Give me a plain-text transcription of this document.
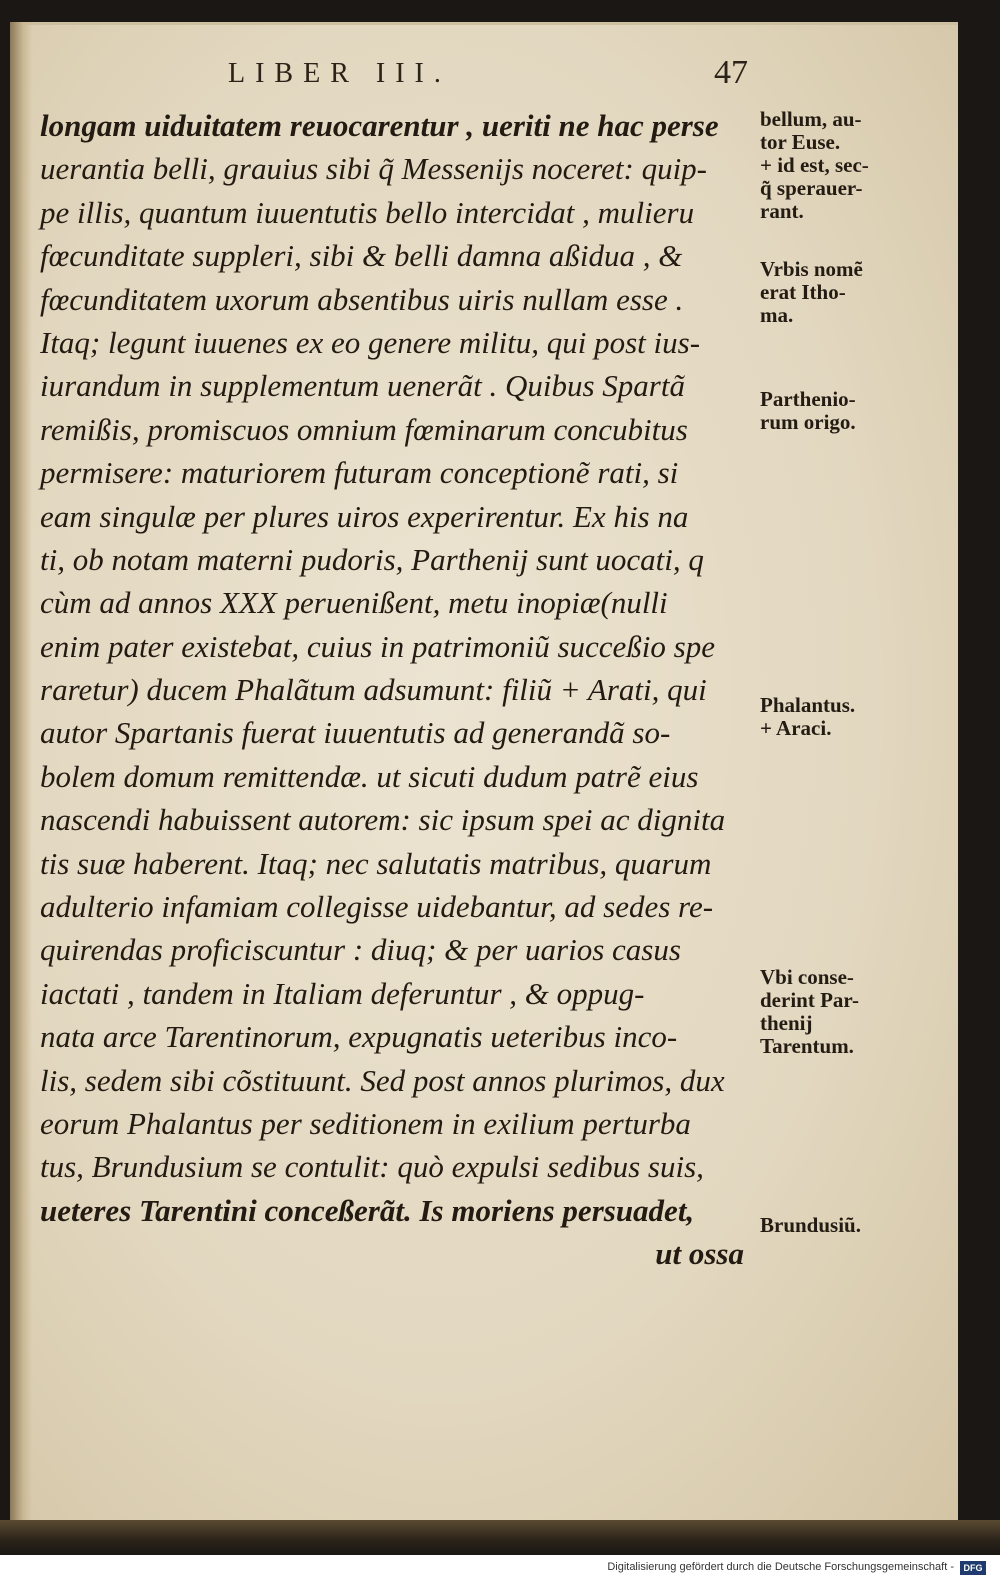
LIBER III.	47
longam uiduitatem reuocarentur , ueriti ne hac perse
uerantia belli, grauius sibi q̃ Messenijs noceret: quip-
pe illis, quantum iuuentutis bello intercidat , mulieru
fœcunditate suppleri, sibi & belli damna aßidua , &
fœcunditatem uxorum absentibus uiris nullam esse .
Itaq; legunt iuuenes ex eo genere militu, qui post ius-
iurandum in supplementum uenerãt . Quibus Spartã
remißis, promiscuos omnium fœminarum concubitus
permisere: maturiorem futuram conceptionẽ rati, si
eam singulæ per plures uiros experirentur. Ex his na
ti, ob notam materni pudoris, Parthenij sunt uocati, q
cùm ad annos XXX peruenißent, metu inopiæ(nulli
enim pater existebat, cuius in patrimoniũ succeßio spe
raretur) ducem Phalãtum adsumunt: filiũ + Arati, qui
autor Spartanis fuerat iuuentutis ad generandã so-
bolem domum remittendæ. ut sicuti dudum patrẽ eius
nascendi habuissent autorem: sic ipsum spei ac dignita
tis suæ haberent. Itaq; nec salutatis matribus, quarum
adulterio infamiam collegisse uidebantur, ad sedes re-
quirendas proficiscuntur : diuq; & per uarios casus
iactati , tandem in Italiam deferuntur , & oppug-
nata arce Tarentinorum, expugnatis ueteribus inco-
lis, sedem sibi cõstituunt. Sed post annos plurimos, dux
eorum Phalantus per seditionem in exilium perturba
tus, Brundusium se contulit: quò expulsi sedibus suis,
ueteres Tarentini conceßerãt. Is moriens persuadet,
ut ossa
bellum, au-
tor Euse.
+ id est, sec-
q̃ sperauer-
rant.
Vrbis nomẽ
erat Itho-
ma.
Parthenio-
rum origo.
Phalantus.
+ Araci.
Vbi conse-
derint Par-
thenij
Tarentum.
Brundusiũ.
Digitalisierung gefördert durch die Deutsche Forschungsgemeinschaft -	DFG
